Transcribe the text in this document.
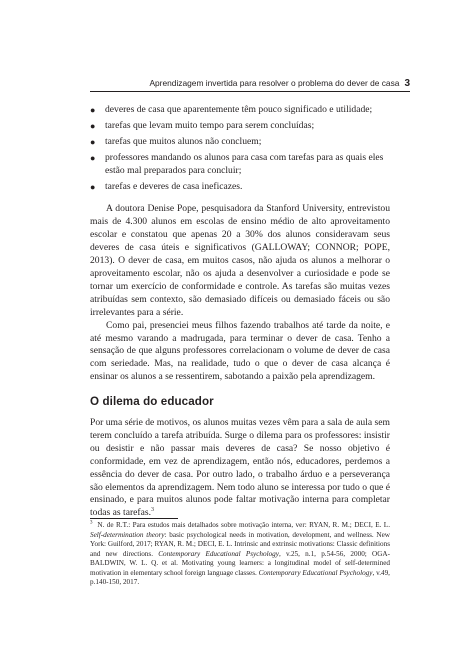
Aprendizagem invertida para resolver o problema do dever de casa 3
● deveres de casa que aparentemente têm pouco significado e utilidade;
● tarefas que levam muito tempo para serem concluídas;
● tarefas que muitos alunos não concluem;
● professores mandando os alunos para casa com tarefas para as quais eles estão mal preparados para concluir;
● tarefas e deveres de casa ineficazes.

A doutora Denise Pope, pesquisadora da Stanford University, entrevistou mais de 4.300 alunos em escolas de ensino médio de alto aproveitamento escolar e constatou que apenas 20 a 30% dos alunos consideravam seus deveres de casa úteis e significativos (GALLOWAY; CONNOR; POPE, 2013). O dever de casa, em muitos casos, não ajuda os alunos a melhorar o aproveitamento escolar, não os ajuda a desenvolver a curiosidade e pode se tornar um exercício de conformidade e controle. As tarefas são muitas vezes atribuídas sem contexto, são demasiado difíceis ou demasiado fáceis ou são irrelevantes para a série.

Como pai, presenciei meus filhos fazendo trabalhos até tarde da noite, e até mesmo varando a madrugada, para terminar o dever de casa. Tenho a sensação de que alguns professores correlacionam o volume de dever de casa com seriedade. Mas, na realidade, tudo o que o dever de casa alcança é ensinar os alunos a se ressentirem, sabotando a paixão pela aprendizagem.

O dilema do educador

Por uma série de motivos, os alunos muitas vezes vêm para a sala de aula sem terem concluído a tarefa atribuída. Surge o dilema para os professores: insistir ou desistir e não passar mais deveres de casa? Se nosso objetivo é conformidade, em vez de aprendizagem, então nós, educadores, perdemos a essência do dever de casa. Por outro lado, o trabalho árduo e a perseverança são elementos da aprendizagem. Nem todo aluno se interessa por tudo o que é ensinado, e para muitos alunos pode faltar motivação interna para completar todas as tarefas.$^3$

$^3$ N. de R.T.: Para estudos mais detalhados sobre motivação interna, ver: RYAN, R. M.; DECI, E. L. Self-determination theory: basic psychological needs in motivation, development, and wellness. New York: Guilford, 2017; RYAN, R. M.; DECI, E. L. Intrinsic and extrinsic motivations: Classic definitions and new directions. Contemporary Educational Psychology, v.25, n.1, p.54-56, 2000; OGA-BALDWIN, W. L. Q. et al. Motivating young learners: a longitudinal model of self-determined motivation in elementary school foreign language classes. Contemporary Educational Psychology, v.49, p.140-150, 2017.
